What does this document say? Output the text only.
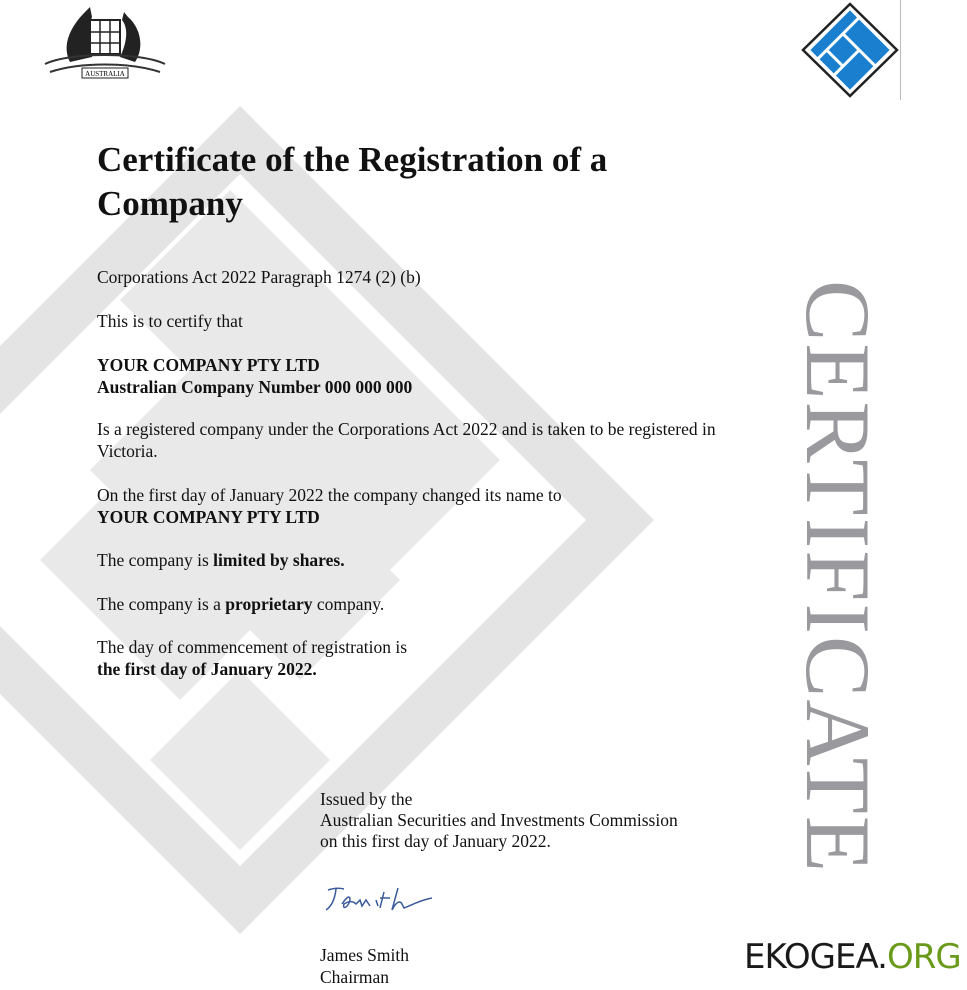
AUSTRALIA
Certificate of the Registration of a Company
Corporations Act 2022 Paragraph 1274 (2) (b)
This is to certify that
YOUR COMPANY PTY LTD
Australian Company Number 000 000 000
Is a registered company under the Corporations Act 2022 and is taken to be registered in Victoria.
On the first day of January 2022 the company changed its name to
YOUR COMPANY PTY LTD
The company is limited by shares.
The company is a proprietary company.
The day of commencement of registration is
the first day of January 2022.	CERTIFICATE
Issued by the
Australian Securities and Investments Commission
on this first day of January 2022.
James Smith
Chairman	EKOGEA.ORG
